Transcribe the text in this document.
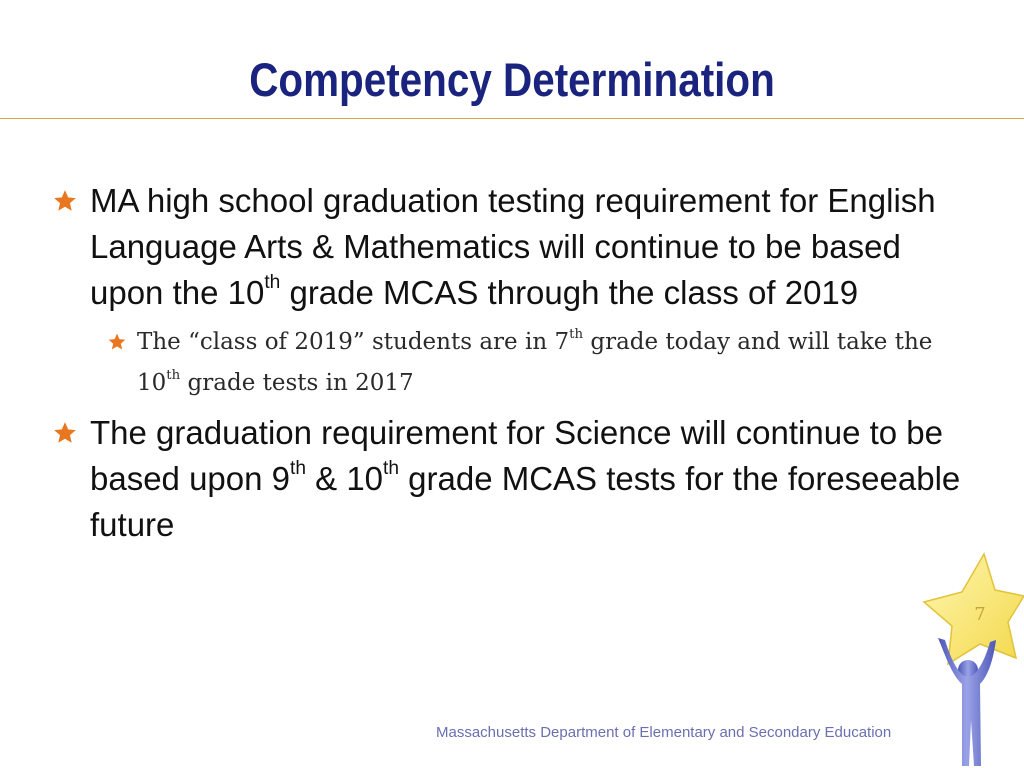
Competency Determination
MA high school graduation testing requirement for English Language Arts & Mathematics will continue to be based upon the 10th grade MCAS through the class of 2019
The “class of 2019” students are in 7th grade today and will take the 10th grade tests in 2017
The graduation requirement for Science will continue to be based upon 9th & 10th grade MCAS tests for the foreseeable future
Massachusetts Department of Elementary and Secondary Education
7
